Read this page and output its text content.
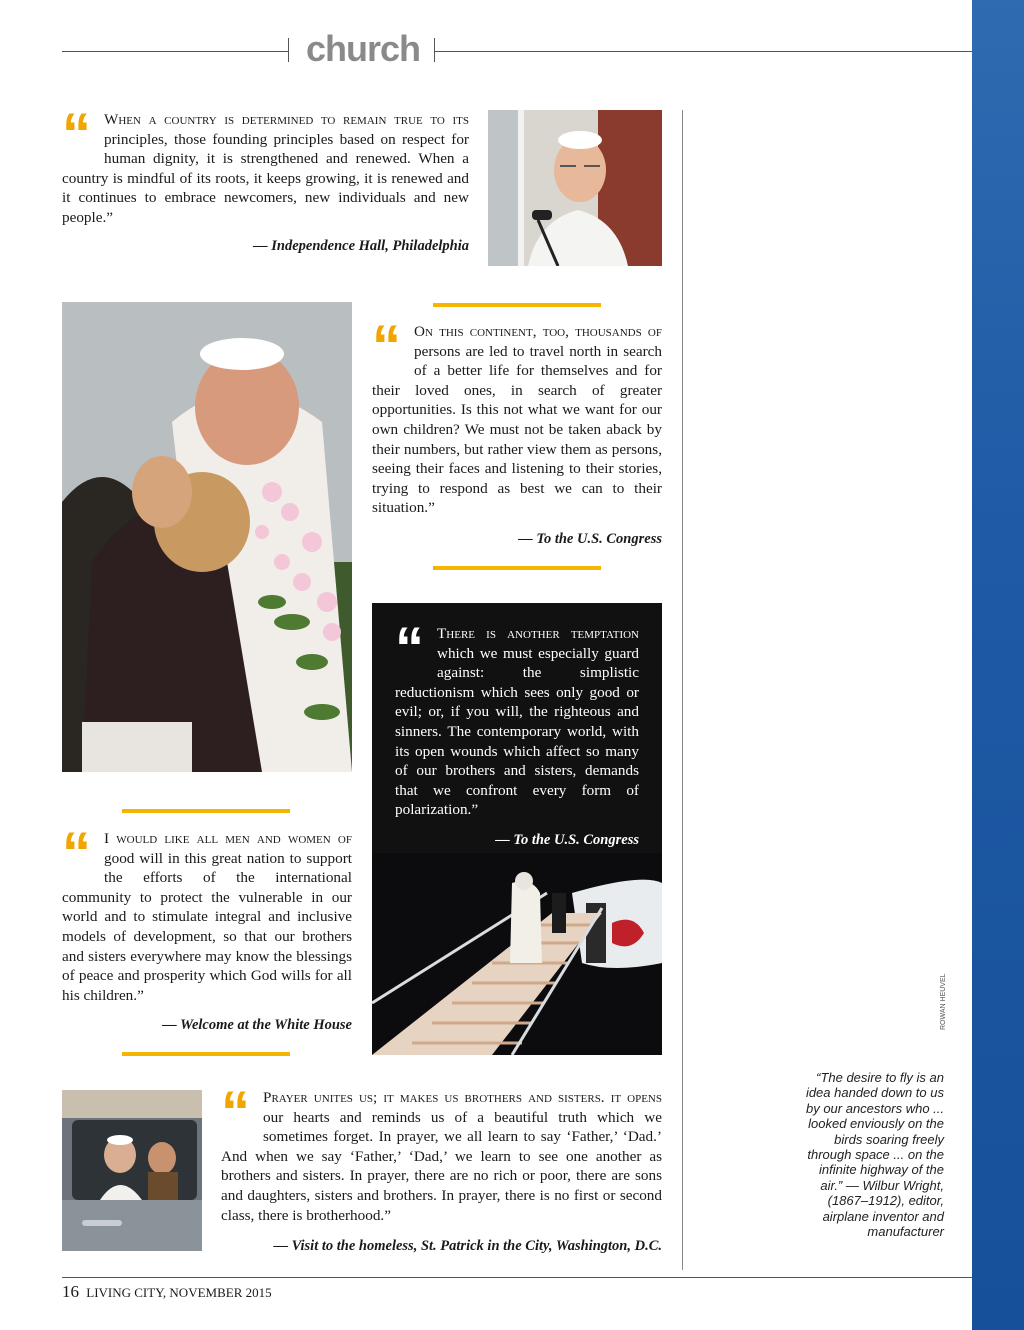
church
“ When a country is determined to remain true to its principles, those founding principles based on respect for human dignity, it is strengthened and renewed. When a country is mindful of its roots, it keeps growing, it is renewed and it continues to embrace newcomers, new individuals and new people.”
— Independence Hall, Philadelphia
“ On this continent, too, thousands of persons are led to travel north in search of a better life for themselves and for their loved ones, in search of greater opportunities. Is this not what we want for our own children? We must not be taken aback by their numbers, but rather view them as persons, seeing their faces and listening to their stories, trying to respond as best we can to their situation.”
— To the U.S. Congress
“ There is another temptation which we must especially guard against: the simplistic reductionism which sees only good or evil; or, if you will, the righteous and sinners. The contemporary world, with its open wounds which affect so many of our brothers and sisters, demands that we confront every form of polarization.”
— To the U.S. Congress
“ I would like all men and women of good will in this great nation to support the efforts of the international community to protect the vulnerable in our world and to stimulate integral and inclusive models of development, so that our brothers and sisters everywhere may know the blessings of peace and prosperity which God wills for all his children.”
— Welcome at the White House
“ Prayer unites us; it makes us brothers and sisters. it opens our hearts and reminds us of a beautiful truth which we sometimes forget. In prayer, we all learn to say ‘Father,’ ‘Dad.’ And when we say ‘Father,’ ‘Dad,’ we learn to see one another as brothers and sisters. In prayer, there are no rich or poor, there are sons and daughters, sisters and brothers. In prayer, there is no first or second class, there is brotherhood.”
— Visit to the homeless, St. Patrick in the City, Washington, D.C.
“The desire to fly is an idea handed down to us by our ancestors who ... looked enviously on the birds soaring freely through space ... on the infinite highway of the air.” — Wilbur Wright, (1867–1912), editor, airplane inventor and manufacturer
ROWAN HEUVEL
16 LIVING CITY, NOVEMBER 2015
